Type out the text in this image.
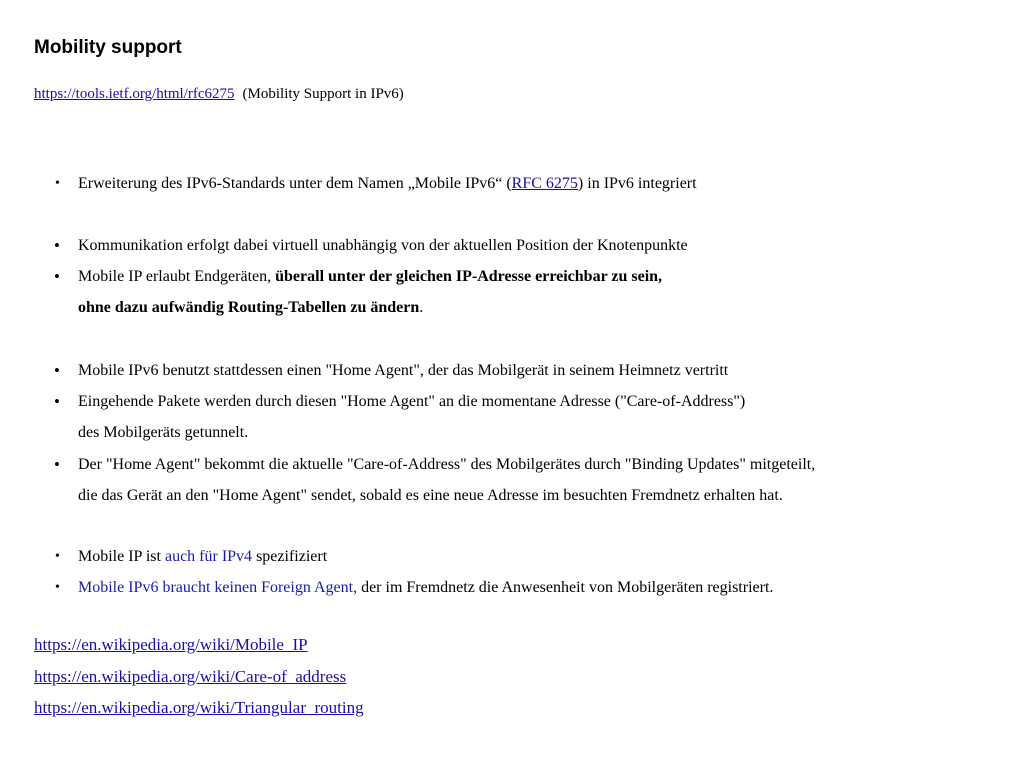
Mobility support
https://tools.ietf.org/html/rfc6275 (Mobility Support in IPv6)
• Erweiterung des IPv6-Standards unter dem Namen „Mobile IPv6“ (RFC 6275) in IPv6 integriert
• Kommunikation erfolgt dabei virtuell unabhängig von der aktuellen Position der Knotenpunkte
• Mobile IP erlaubt Endgeräten, überall unter der gleichen IP-Adresse erreichbar zu sein,
ohne dazu aufwändig Routing-Tabellen zu ändern.
• Mobile IPv6 benutzt stattdessen einen "Home Agent", der das Mobilgerät in seinem Heimnetz vertritt
• Eingehende Pakete werden durch diesen "Home Agent" an die momentane Adresse ("Care-of-Address")
des Mobilgeräts getunnelt.
• Der "Home Agent" bekommt die aktuelle "Care-of-Address" des Mobilgerätes durch "Binding Updates" mitgeteilt,
die das Gerät an den "Home Agent" sendet, sobald es eine neue Adresse im besuchten Fremdnetz erhalten hat.
• Mobile IP ist auch für IPv4 spezifiziert
• Mobile IPv6 braucht keinen Foreign Agent, der im Fremdnetz die Anwesenheit von Mobilgeräten registriert.
https://en.wikipedia.org/wiki/Mobile_IP
https://en.wikipedia.org/wiki/Care-of_address
https://en.wikipedia.org/wiki/Triangular_routing
